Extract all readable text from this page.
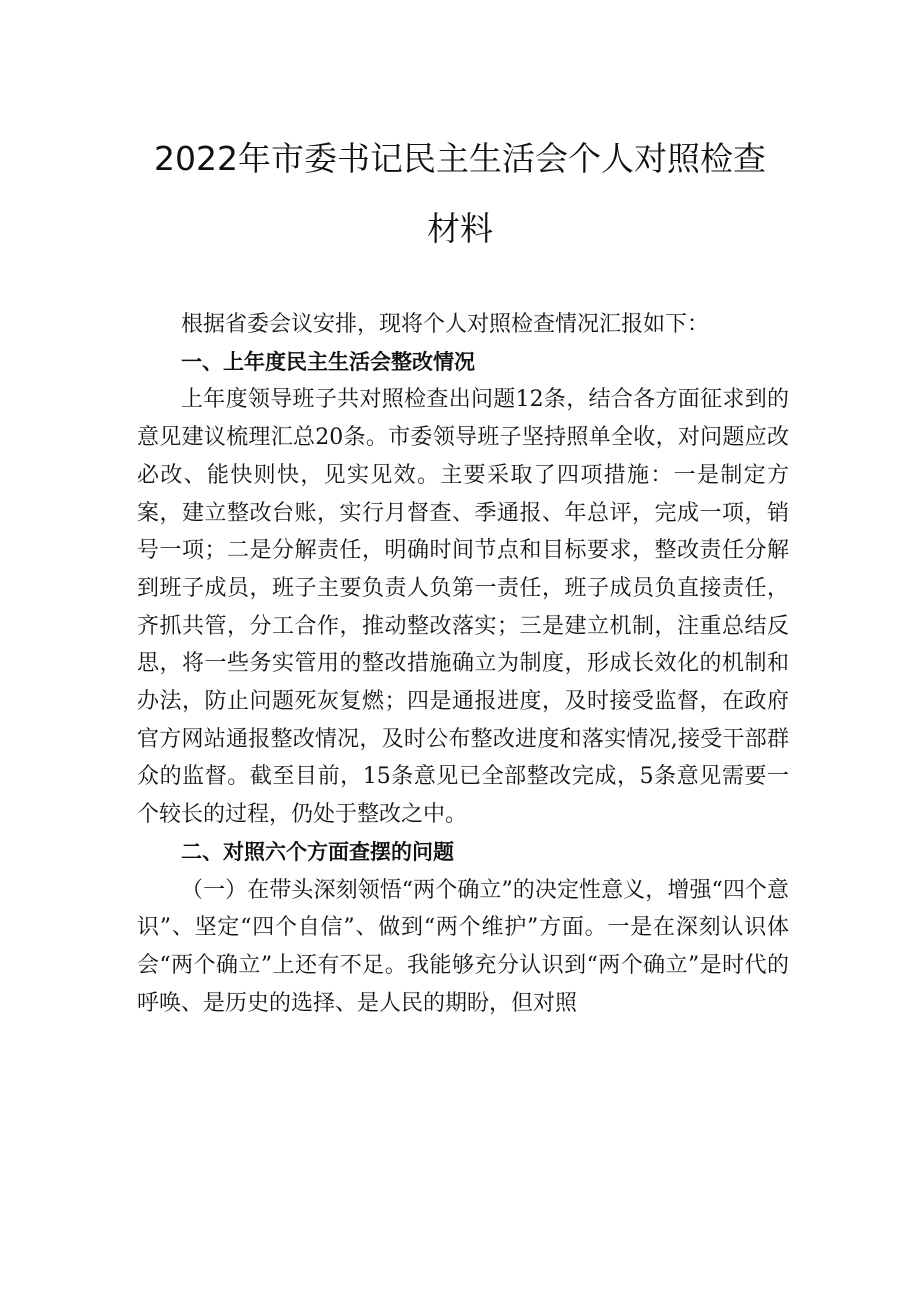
2022年市委书记民主生活会个人对照检查
材料

根据省委会议安排，现将个人对照检查情况汇报如下：

一、上年度民主生活会整改情况

上年度领导班子共对照检查出问题12条，结合各方面征求到的意见建议梳理汇总20条。市委领导班子坚持照单全收，对问题应改必改、能快则快，见实见效。主要采取了四项措施：一是制定方案，建立整改台账，实行月督查、季通报、年总评，完成一项，销号一项；二是分解责任，明确时间节点和目标要求，整改责任分解到班子成员，班子主要负责人负第一责任，班子成员负直接责任，齐抓共管，分工合作，推动整改落实；三是建立机制，注重总结反思，将一些务实管用的整改措施确立为制度，形成长效化的机制和办法，防止问题死灰复燃；四是通报进度，及时接受监督，在政府官方网站通报整改情况，及时公布整改进度和落实情况,接受干部群众的监督。截至目前，15条意见已全部整改完成，5条意见需要一个较长的过程，仍处于整改之中。

二、对照六个方面查摆的问题

（一）在带头深刻领悟“两个确立”的决定性意义，增强“四个意识”、坚定“四个自信”、做到“两个维护”方面。一是在深刻认识体会“两个确立”上还有不足。我能够充分认识到“两个确立”是时代的呼唤、是历史的选择、是人民的期盼，但对照
